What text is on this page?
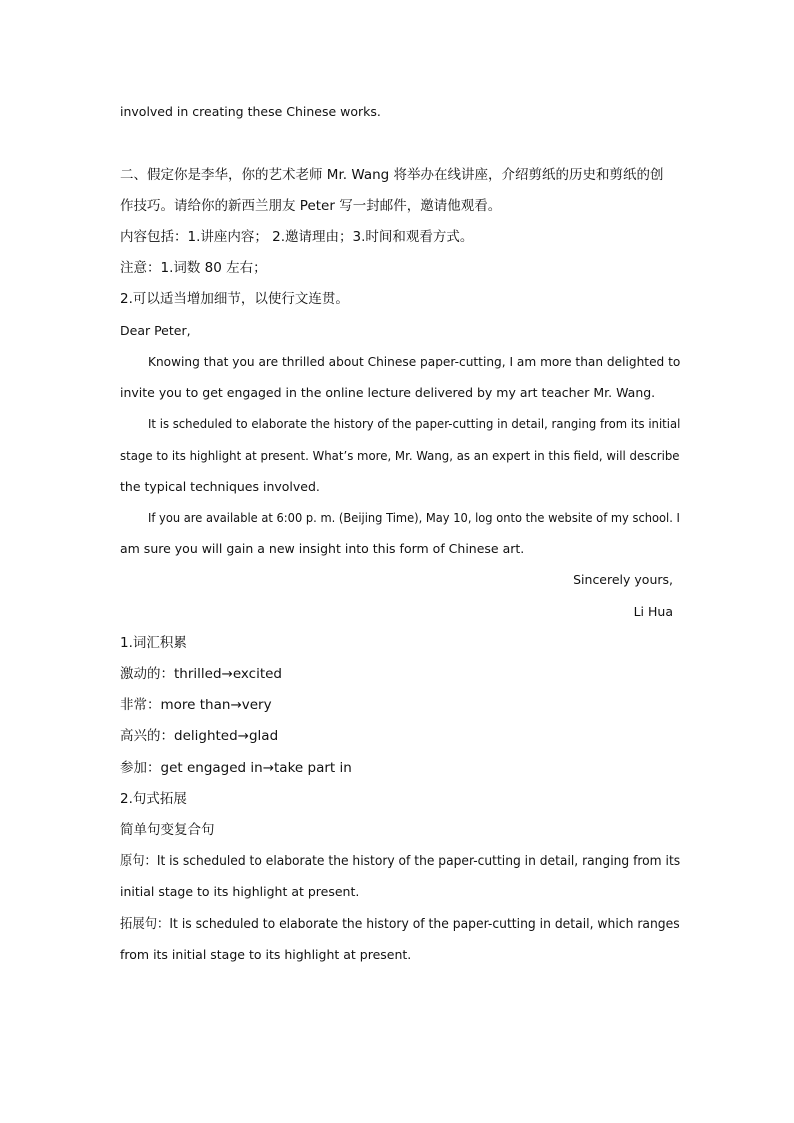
involved in creating these Chinese works.
二、假定你是李华，你的艺术老师 Mr. Wang 将举办在线讲座，介绍剪纸的历史和剪纸的创
作技巧。请给你的新西兰朋友 Peter 写一封邮件，邀请他观看。
内容包括：1.讲座内容； 2.邀请理由；3.时间和观看方式。
注意：1.词数 80 左右；
2.可以适当增加细节，以使行文连贯。
Dear Peter,
Knowing that you are thrilled about Chinese paper-cutting, I am more than delighted to
invite you to get engaged in the online lecture delivered by my art teacher Mr. Wang.
It is scheduled to elaborate the history of the paper-cutting in detail, ranging from its initial
stage to its highlight at present. What’s more, Mr. Wang, as an expert in this field, will describe
the typical techniques involved.
If you are available at 6:00 p. m. (Beijing Time), May 10, log onto the website of my school. I
am sure you will gain a new insight into this form of Chinese art.
Sincerely yours,
Li Hua
1.词汇积累
激动的：thrilled→excited
非常：more than→very
高兴的：delighted→glad
参加：get engaged in→take part in
2.句式拓展
简单句变复合句
原句：It is scheduled to elaborate the history of the paper-cutting in detail, ranging from its
initial stage to its highlight at present.
拓展句：It is scheduled to elaborate the history of the paper-cutting in detail, which ranges
from its initial stage to its highlight at present.
